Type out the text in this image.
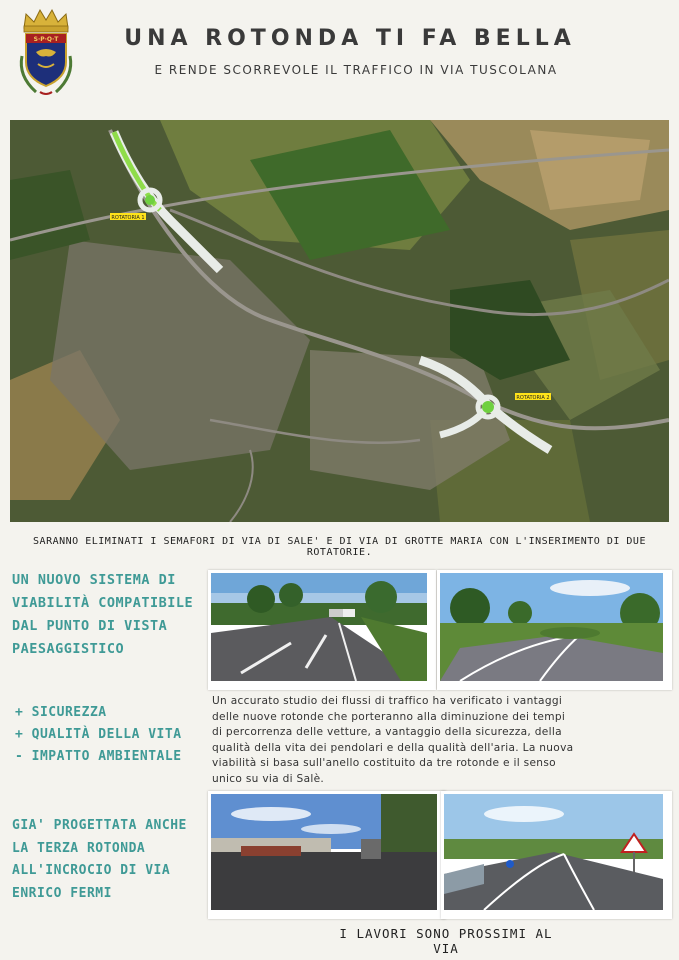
S·P·Q·T	UNA ROTONDA TI FA BELLA
E RENDE SCORREVOLE IL TRAFFICO IN VIA TUSCOLANA
ROTATORIA 1
ROTATORIA 2
SARANNO ELIMINATI I SEMAFORI DI VIA DI SALE' E DI VIA DI GROTTE MARIA CON L'INSERIMENTO DI DUE ROTATORIE.
UN NUOVO SISTEMA DI
VIABILITÀ COMPATIBILE
DAL PUNTO DI VISTA
PAESAGGISTICO
+ SICUREZZA
+ QUALITÀ DELLA VITA
- IMPATTO AMBIENTALE
GIA' PROGETTATA ANCHE
LA TERZA ROTONDA
ALL'INCROCIO DI VIA
ENRICO FERMI
Un accurato studio dei flussi di traffico ha verificato i vantaggi
delle nuove rotonde che porteranno alla diminuzione dei tempi
di percorrenza delle vetture, a vantaggio della sicurezza, della
qualità della vita dei pendolari e della qualità dell'aria. La nuova
viabilità si basa sull'anello costituito da tre rotonde e il senso
unico su via di Salè.
I LAVORI SONO PROSSIMI AL VIA
